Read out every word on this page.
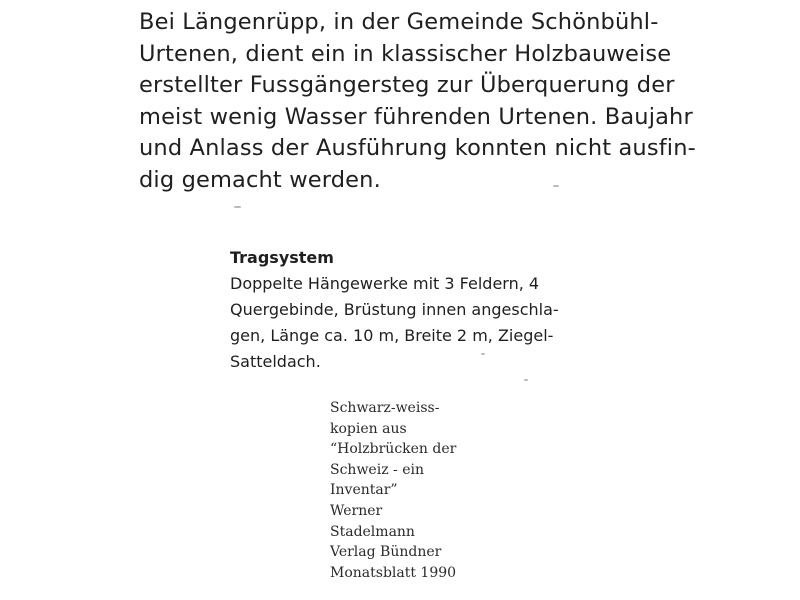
Bei Längenrüpp, in der Gemeinde Schönbühl-
Urtenen, dient ein in klassischer Holzbauweise
erstellter Fussgängersteg zur Überquerung der
meist wenig Wasser führenden Urtenen. Baujahr
und Anlass der Ausführung konnten nicht ausfin-
dig gemacht werden.
Tragsystem
Doppelte Hängewerke mit 3 Feldern, 4
Quergebinde, Brüstung innen angeschla-
gen, Länge ca. 10 m, Breite 2 m, Ziegel-
Satteldach.
Schwarz-weiss-
kopien aus
“Holzbrücken der
Schweiz - ein
Inventar”
Werner
Stadelmann
Verlag Bündner
Monatsblatt 1990
